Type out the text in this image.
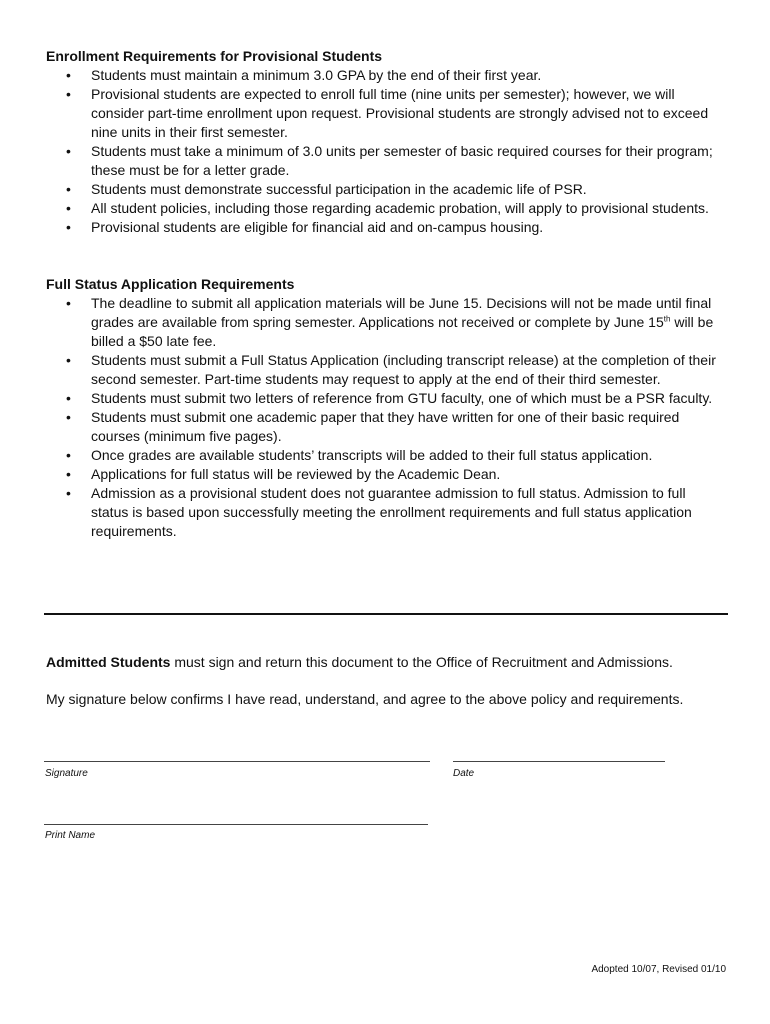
Enrollment Requirements for Provisional Students
• Students must maintain a minimum 3.0 GPA by the end of their first year.
• Provisional students are expected to enroll full time (nine units per semester); however, we will consider part-time enrollment upon request. Provisional students are strongly advised not to exceed nine units in their first semester.
• Students must take a minimum of 3.0 units per semester of basic required courses for their program; these must be for a letter grade.
• Students must demonstrate successful participation in the academic life of PSR.
• All student policies, including those regarding academic probation, will apply to provisional students.
• Provisional students are eligible for financial aid and on-campus housing.
Full Status Application Requirements
• The deadline to submit all application materials will be June 15. Decisions will not be made until final grades are available from spring semester. Applications not received or complete by June 15th will be billed a $50 late fee.
• Students must submit a Full Status Application (including transcript release) at the completion of their second semester. Part-time students may request to apply at the end of their third semester.
• Students must submit two letters of reference from GTU faculty, one of which must be a PSR faculty.
• Students must submit one academic paper that they have written for one of their basic required courses (minimum five pages).
• Once grades are available students’ transcripts will be added to their full status application.
• Applications for full status will be reviewed by the Academic Dean.
• Admission as a provisional student does not guarantee admission to full status. Admission to full status is based upon successfully meeting the enrollment requirements and full status application requirements.
Admitted Students must sign and return this document to the Office of Recruitment and Admissions.
My signature below confirms I have read, understand, and agree to the above policy and requirements.
Signature	Date
Print Name
Adopted 10/07, Revised 01/10
